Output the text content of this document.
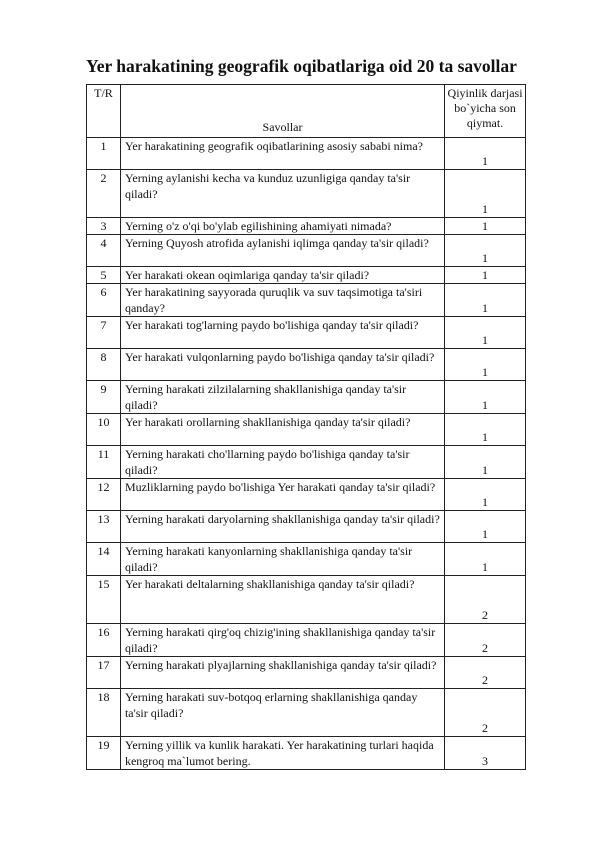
Yer harakatining geografik oqibatlariga oid 20 ta savollar
T/R	Savollar	Qiyinlik darjasi bo`yicha son qiymat.
1	Yer harakatining geografik oqibatlarining asosiy sababi nima?	1
2	Yerning aylanishi kecha va kunduz uzunligiga qanday ta'sir qiladi?	1
3	Yerning o'z o'qi bo'ylab egilishining ahamiyati nimada?	1
4	Yerning Quyosh atrofida aylanishi iqlimga qanday ta'sir qiladi?	1
5	Yer harakati okean oqimlariga qanday ta'sir qiladi?	1
6	Yer harakatining sayyorada quruqlik va suv taqsimotiga ta'siri qanday?	1
7	Yer harakati tog'larning paydo bo'lishiga qanday ta'sir qiladi?	1
8	Yer harakati vulqonlarning paydo bo'lishiga qanday ta'sir qiladi?	1
9	Yerning harakati zilzilalarning shakllanishiga qanday ta'sir qiladi?	1
10	Yer harakati orollarning shakllanishiga qanday ta'sir qiladi?	1
11	Yerning harakati cho'llarning paydo bo'lishiga qanday ta'sir qiladi?	1
12	Muzliklarning paydo bo'lishiga Yer harakati qanday ta'sir qiladi?	1
13	Yerning harakati daryolarning shakllanishiga qanday ta'sir qiladi?	1
14	Yerning harakati kanyonlarning shakllanishiga qanday ta'sir qiladi?	1
15	Yer harakati deltalarning shakllanishiga qanday ta'sir qiladi?	2
16	Yerning harakati qirg'oq chizig'ining shakllanishiga qanday ta'sir qiladi?	2
17	Yerning harakati plyajlarning shakllanishiga qanday ta'sir qiladi?	2
18	Yerning harakati suv-botqoq erlarning shakllanishiga qanday ta'sir qiladi?	2
19	Yerning yillik va kunlik harakati. Yer harakatining turlari haqida kengroq ma`lumot bering.	3
